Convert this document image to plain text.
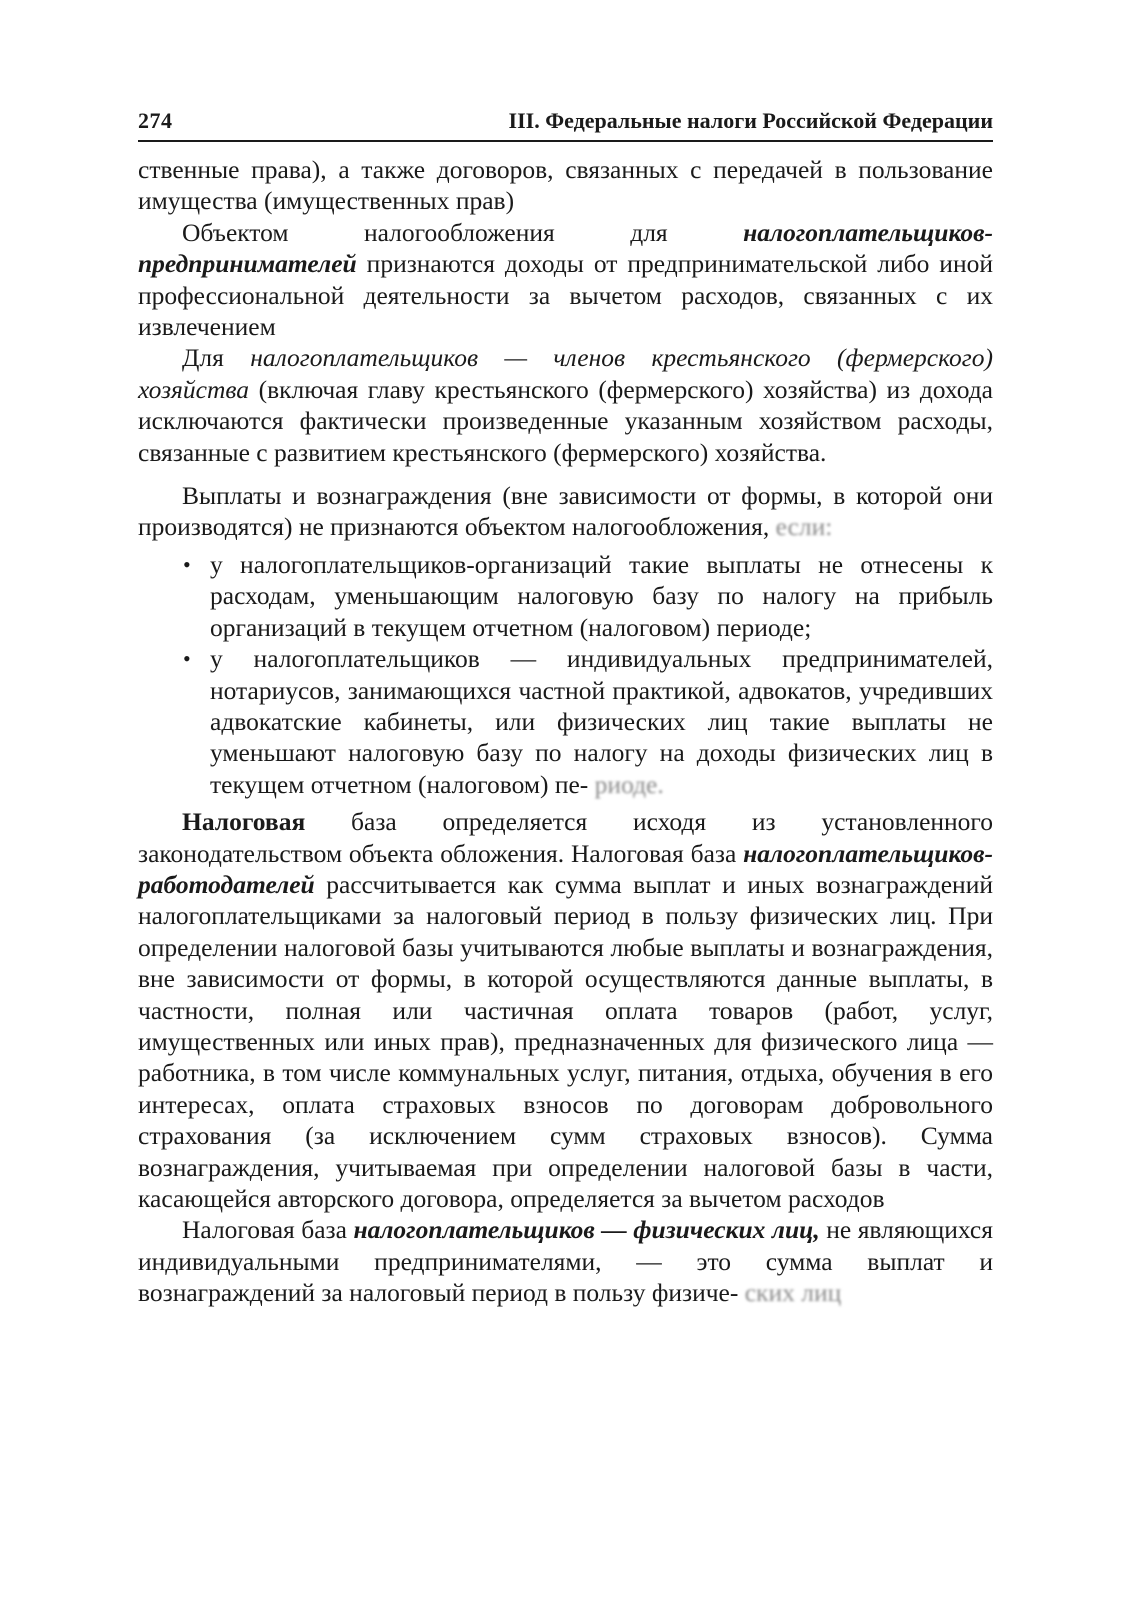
274	III. Федеральные налоги Российской Федерации

ственные права), а также договоров, связанных с передачей в пользование имущества (имущественных прав)

Объектом налогообложения для налогоплательщиков-предпринимателей признаются доходы от предпринимательской либо иной профессиональной деятельности за вычетом расходов, связанных с их извлечением

Для налогоплательщиков — членов крестьянского (фермерского) хозяйства (включая главу крестьянского (фермерского) хозяйства) из дохода исключаются фактически произведенные указанным хозяйством расходы, связанные с развитием крестьянского (фермерского) хозяйства.

Выплаты и вознаграждения (вне зависимости от формы, в которой они производятся) не признаются объектом налогообложения, если:

• у налогоплательщиков-организаций такие выплаты не отнесены к расходам, уменьшающим налоговую базу по налогу на прибыль организаций в текущем отчетном (налоговом) периоде;
• у налогоплательщиков — индивидуальных предпринимателей, нотариусов, занимающихся частной практикой, адвокатов, учредивших адвокатские кабинеты, или физических лиц такие выплаты не уменьшают налоговую базу по налогу на доходы физических лиц в текущем отчетном (налоговом) пе- риоде.

Налоговая база определяется исходя из установленного законодательством объекта обложения. Налоговая база налогоплательщиков-работодателей рассчитывается как сумма выплат и иных вознаграждений налогоплательщиками за налоговый период в пользу физических лиц. При определении налоговой базы учитываются любые выплаты и вознаграждения, вне зависимости от формы, в которой осуществляются данные выплаты, в частности, полная или частичная оплата товаров (работ, услуг, имущественных или иных прав), предназначенных для физического лица — работника, в том числе коммунальных услуг, питания, отдыха, обучения в его интересах, оплата страховых взносов по договорам добровольного страхования (за исключением сумм страховых взносов). Сумма вознаграждения, учитываемая при определении налоговой базы в части, касающейся авторского договора, определяется за вычетом расходов

Налоговая база налогоплательщиков — физических лиц, не являющихся индивидуальными предпринимателями, — это сумма выплат и вознаграждений за налоговый период в пользу физиче- ских лиц
